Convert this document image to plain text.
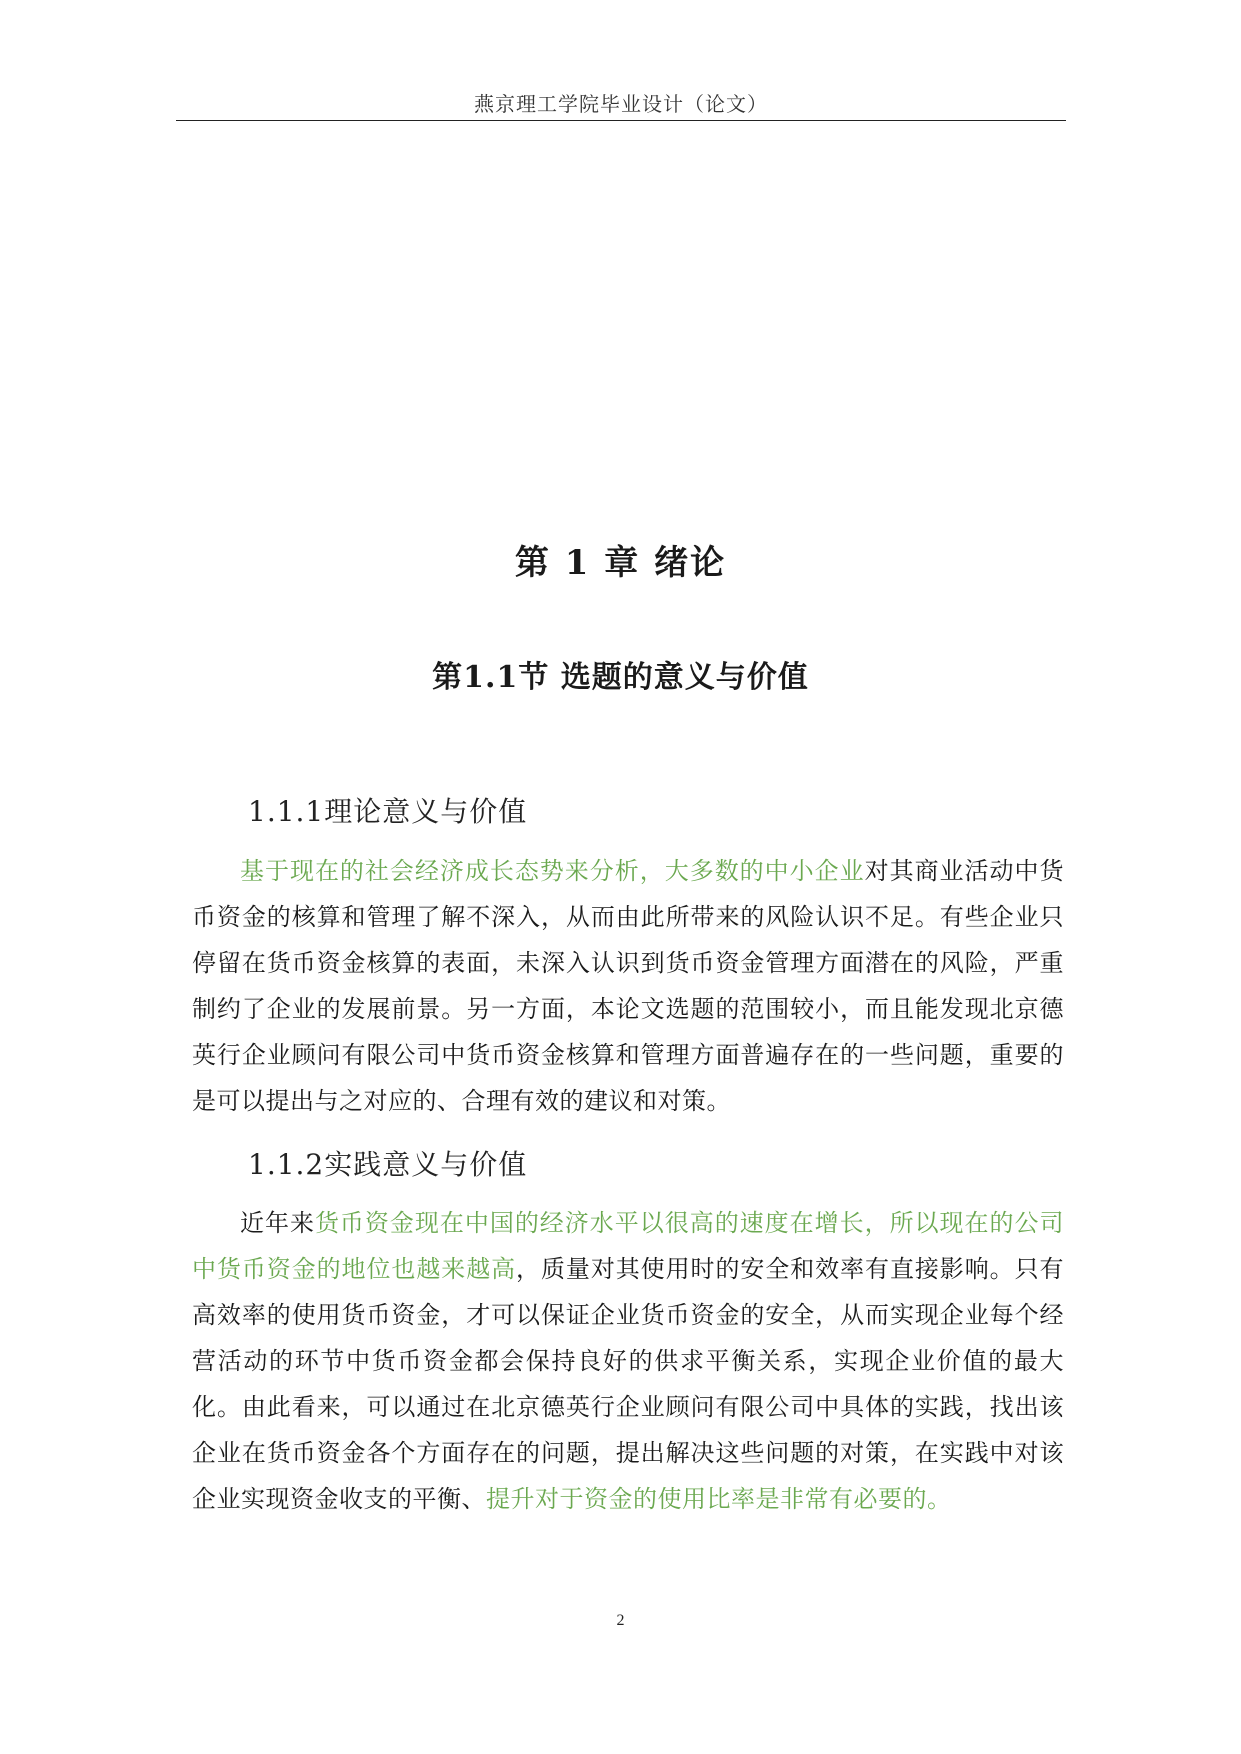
燕京理工学院毕业设计（论文）
第 1 章 绪论
第1.1节 选题的意义与价值
1.1.1理论意义与价值
基于现在的社会经济成长态势来分析，大多数的中小企业对其商业活动中货币资金的核算和管理了解不深入，从而由此所带来的风险认识不足。有些企业只停留在货币资金核算的表面，未深入认识到货币资金管理方面潜在的风险，严重制约了企业的发展前景。另一方面，本论文选题的范围较小，而且能发现北京德英行企业顾问有限公司中货币资金核算和管理方面普遍存在的一些问题，重要的是可以提出与之对应的、合理有效的建议和对策。
1.1.2实践意义与价值
近年来货币资金现在中国的经济水平以很高的速度在增长，所以现在的公司中货币资金的地位也越来越高，质量对其使用时的安全和效率有直接影响。只有高效率的使用货币资金，才可以保证企业货币资金的安全，从而实现企业每个经营活动的环节中货币资金都会保持良好的供求平衡关系，实现企业价值的最大化。由此看来，可以通过在北京德英行企业顾问有限公司中具体的实践，找出该企业在货币资金各个方面存在的问题，提出解决这些问题的对策，在实践中对该企业实现资金收支的平衡、提升对于资金的使用比率是非常有必要的。
2
